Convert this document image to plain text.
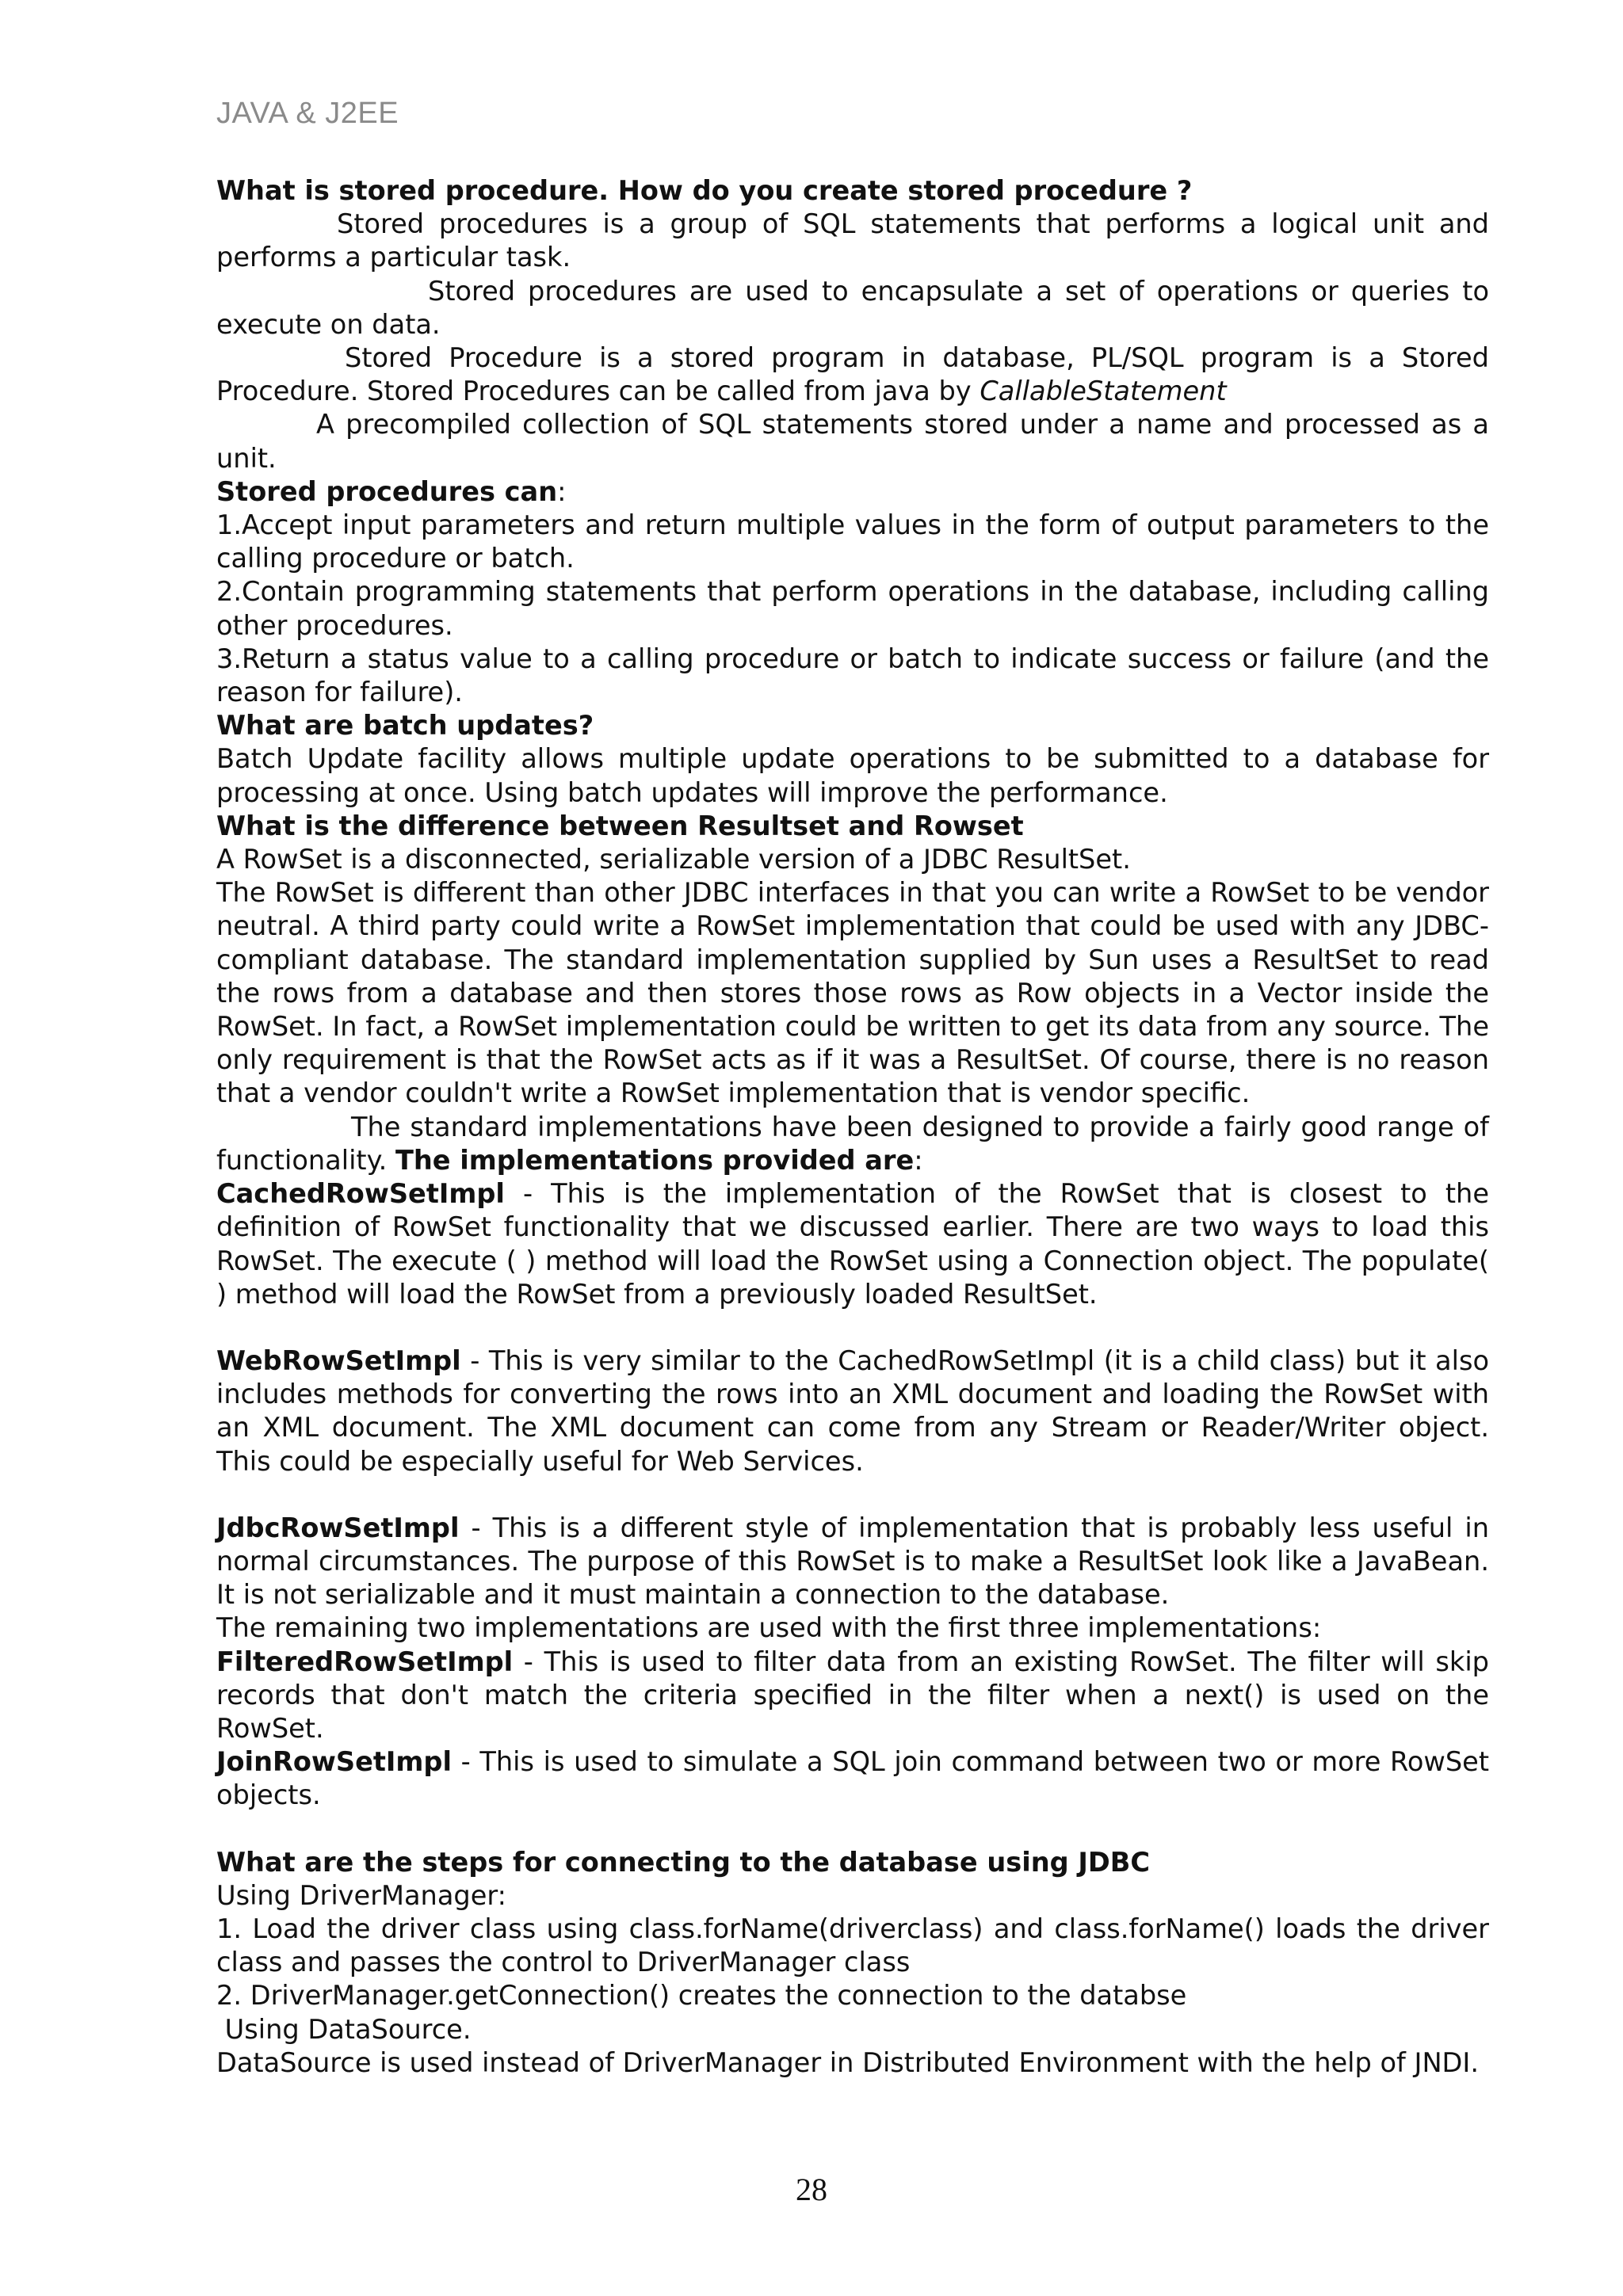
JAVA & J2EE

What is stored procedure. How do you create stored procedure ?

Stored procedures is a group of SQL statements that performs a logical unit and performs a particular task.

Stored procedures are used to encapsulate a set of operations or queries to execute on data.

Stored Procedure is a stored program in database, PL/SQL program is a Stored Procedure. Stored Procedures can be called from java by CallableStatement

A precompiled collection of SQL statements stored under a name and processed as a unit.

Stored procedures can:

1.Accept input parameters and return multiple values in the form of output parameters to the calling procedure or batch.

2.Contain programming statements that perform operations in the database, including calling other procedures.

3.Return a status value to a calling procedure or batch to indicate success or failure (and the reason for failure).

What are batch updates?

Batch Update facility allows multiple update operations to be submitted to a database for processing at once. Using batch updates will improve the performance.

What is the difference between Resultset and Rowset

A RowSet is a disconnected, serializable version of a JDBC ResultSet.

The RowSet is different than other JDBC interfaces in that you can write a RowSet to be vendor neutral. A third party could write a RowSet implementation that could be used with any JDBC-compliant database. The standard implementation supplied by Sun uses a ResultSet to read the rows from a database and then stores those rows as Row objects in a Vector inside the RowSet. In fact, a RowSet implementation could be written to get its data from any source. The only requirement is that the RowSet acts as if it was a ResultSet. Of course, there is no reason that a vendor couldn't write a RowSet implementation that is vendor specific.

The standard implementations have been designed to provide a fairly good range of functionality. The implementations provided are:

CachedRowSetImpl - This is the implementation of the RowSet that is closest to the definition of RowSet functionality that we discussed earlier. There are two ways to load this RowSet. The execute ( ) method will load the RowSet using a Connection object. The populate( ) method will load the RowSet from a previously loaded ResultSet.

WebRowSetImpl - This is very similar to the CachedRowSetImpl (it is a child class) but it also includes methods for converting the rows into an XML document and loading the RowSet with an XML document. The XML document can come from any Stream or Reader/Writer object. This could be especially useful for Web Services.

JdbcRowSetImpl - This is a different style of implementation that is probably less useful in normal circumstances. The purpose of this RowSet is to make a ResultSet look like a JavaBean. It is not serializable and it must maintain a connection to the database.

The remaining two implementations are used with the first three implementations:

FilteredRowSetImpl - This is used to filter data from an existing RowSet. The filter will skip records that don't match the criteria specified in the filter when a next() is used on the RowSet.

JoinRowSetImpl - This is used to simulate a SQL join command between two or more RowSet objects.

What are the steps for connecting to the database using JDBC

Using DriverManager:

1. Load the driver class using class.forName(driverclass) and class.forName() loads the driver class and passes the control to DriverManager class

2. DriverManager.getConnection() creates the connection to the databse

Using DataSource.

DataSource is used instead of DriverManager in Distributed Environment with the help of JNDI.

28
